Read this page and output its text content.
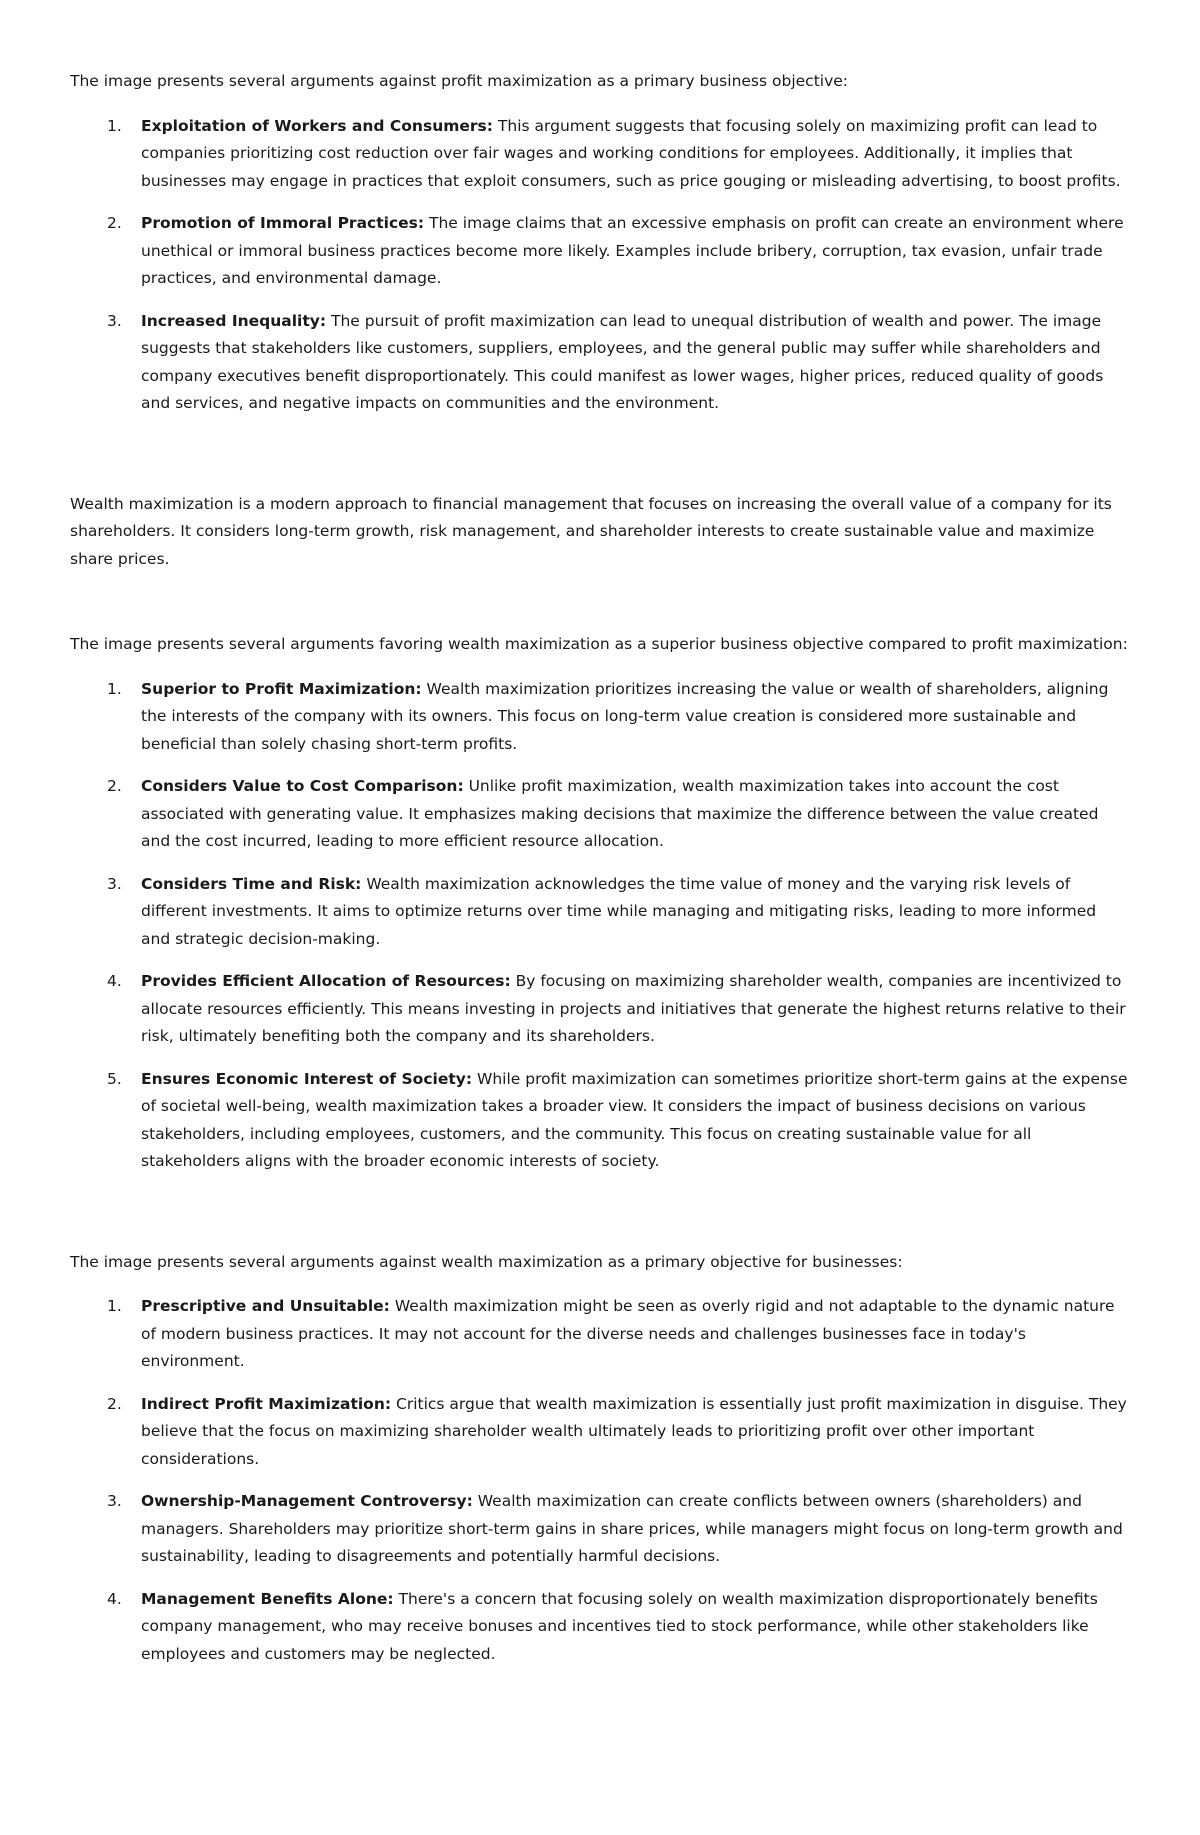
The image presents several arguments against profit maximization as a primary business objective:

1. Exploitation of Workers and Consumers: This argument suggests that focusing solely on maximizing profit can lead to companies prioritizing cost reduction over fair wages and working conditions for employees. Additionally, it implies that businesses may engage in practices that exploit consumers, such as price gouging or misleading advertising, to boost profits.
2. Promotion of Immoral Practices: The image claims that an excessive emphasis on profit can create an environment where unethical or immoral business practices become more likely. Examples include bribery, corruption, tax evasion, unfair trade practices, and environmental damage.
3. Increased Inequality: The pursuit of profit maximization can lead to unequal distribution of wealth and power. The image suggests that stakeholders like customers, suppliers, employees, and the general public may suffer while shareholders and company executives benefit disproportionately. This could manifest as lower wages, higher prices, reduced quality of goods and services, and negative impacts on communities and the environment.

Wealth maximization is a modern approach to financial management that focuses on increasing the overall value of a company for its shareholders. It considers long-term growth, risk management, and shareholder interests to create sustainable value and maximize share prices.

The image presents several arguments favoring wealth maximization as a superior business objective compared to profit maximization:

1. Superior to Profit Maximization: Wealth maximization prioritizes increasing the value or wealth of shareholders, aligning the interests of the company with its owners. This focus on long-term value creation is considered more sustainable and beneficial than solely chasing short-term profits.
2. Considers Value to Cost Comparison: Unlike profit maximization, wealth maximization takes into account the cost associated with generating value. It emphasizes making decisions that maximize the difference between the value created and the cost incurred, leading to more efficient resource allocation.
3. Considers Time and Risk: Wealth maximization acknowledges the time value of money and the varying risk levels of different investments. It aims to optimize returns over time while managing and mitigating risks, leading to more informed and strategic decision-making.
4. Provides Efficient Allocation of Resources: By focusing on maximizing shareholder wealth, companies are incentivized to allocate resources efficiently. This means investing in projects and initiatives that generate the highest returns relative to their risk, ultimately benefiting both the company and its shareholders.
5. Ensures Economic Interest of Society: While profit maximization can sometimes prioritize short-term gains at the expense of societal well-being, wealth maximization takes a broader view. It considers the impact of business decisions on various stakeholders, including employees, customers, and the community. This focus on creating sustainable value for all stakeholders aligns with the broader economic interests of society.

The image presents several arguments against wealth maximization as a primary objective for businesses:

1. Prescriptive and Unsuitable: Wealth maximization might be seen as overly rigid and not adaptable to the dynamic nature of modern business practices. It may not account for the diverse needs and challenges businesses face in today's environment.
2. Indirect Profit Maximization: Critics argue that wealth maximization is essentially just profit maximization in disguise. They believe that the focus on maximizing shareholder wealth ultimately leads to prioritizing profit over other important considerations.
3. Ownership-Management Controversy: Wealth maximization can create conflicts between owners (shareholders) and managers. Shareholders may prioritize short-term gains in share prices, while managers might focus on long-term growth and sustainability, leading to disagreements and potentially harmful decisions.
4. Management Benefits Alone: There's a concern that focusing solely on wealth maximization disproportionately benefits company management, who may receive bonuses and incentives tied to stock performance, while other stakeholders like employees and customers may be neglected.
